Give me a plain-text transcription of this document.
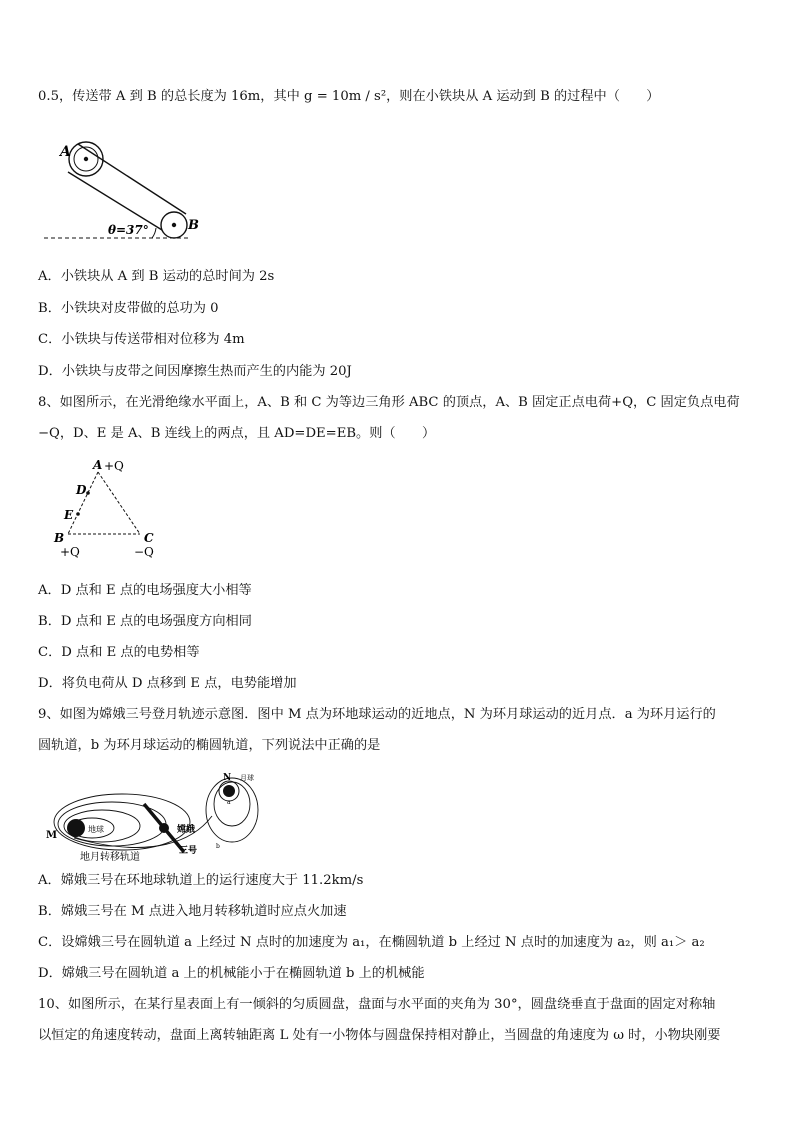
0.5，传送带 A 到 B 的总长度为 16m，其中 g = 10m / s²，则在小铁块从 A 运动到 B 的过程中（　　）
A
B
θ=37°
A．小铁块从 A 到 B 运动的总时间为 2s
B．小铁块对皮带做的总功为 0
C．小铁块与传送带相对位移为 4m
D．小铁块与皮带之间因摩擦生热而产生的内能为 20J
8、如图所示，在光滑绝缘水平面上，A、B 和 C 为等边三角形 ABC 的顶点，A、B 固定正点电荷+Q，C 固定负点电荷
−Q，D、E 是 A、B 连线上的两点，且 AD=DE=EB。则（　　）
A +Q
D
E
B
+Q
C
−Q
A．D 点和 E 点的电场强度大小相等
B．D 点和 E 点的电场强度方向相同
C．D 点和 E 点的电势相等
D．将负电荷从 D 点移到 E 点，电势能增加
9、如图为嫦娥三号登月轨迹示意图．图中 M 点为环地球运动的近地点，N 为环月球运动的近月点．a 为环月运行的
圆轨道，b 为环月球运动的椭圆轨道，下列说法中正确的是
M
地球	嫦娥
三号
N 月球
a
b
地月转移轨道
A．嫦娥三号在环地球轨道上的运行速度大于 11.2km/s
B．嫦娥三号在 M 点进入地月转移轨道时应点火加速
C．设嫦娥三号在圆轨道 a 上经过 N 点时的加速度为 a₁，在椭圆轨道 b 上经过 N 点时的加速度为 a₂，则 a₁＞ a₂
D．嫦娥三号在圆轨道 a 上的机械能小于在椭圆轨道 b 上的机械能
10、如图所示，在某行星表面上有一倾斜的匀质圆盘，盘面与水平面的夹角为 30°，圆盘绕垂直于盘面的固定对称轴
以恒定的角速度转动，盘面上离转轴距离 L 处有一小物体与圆盘保持相对静止，当圆盘的角速度为 ω 时，小物块刚要
